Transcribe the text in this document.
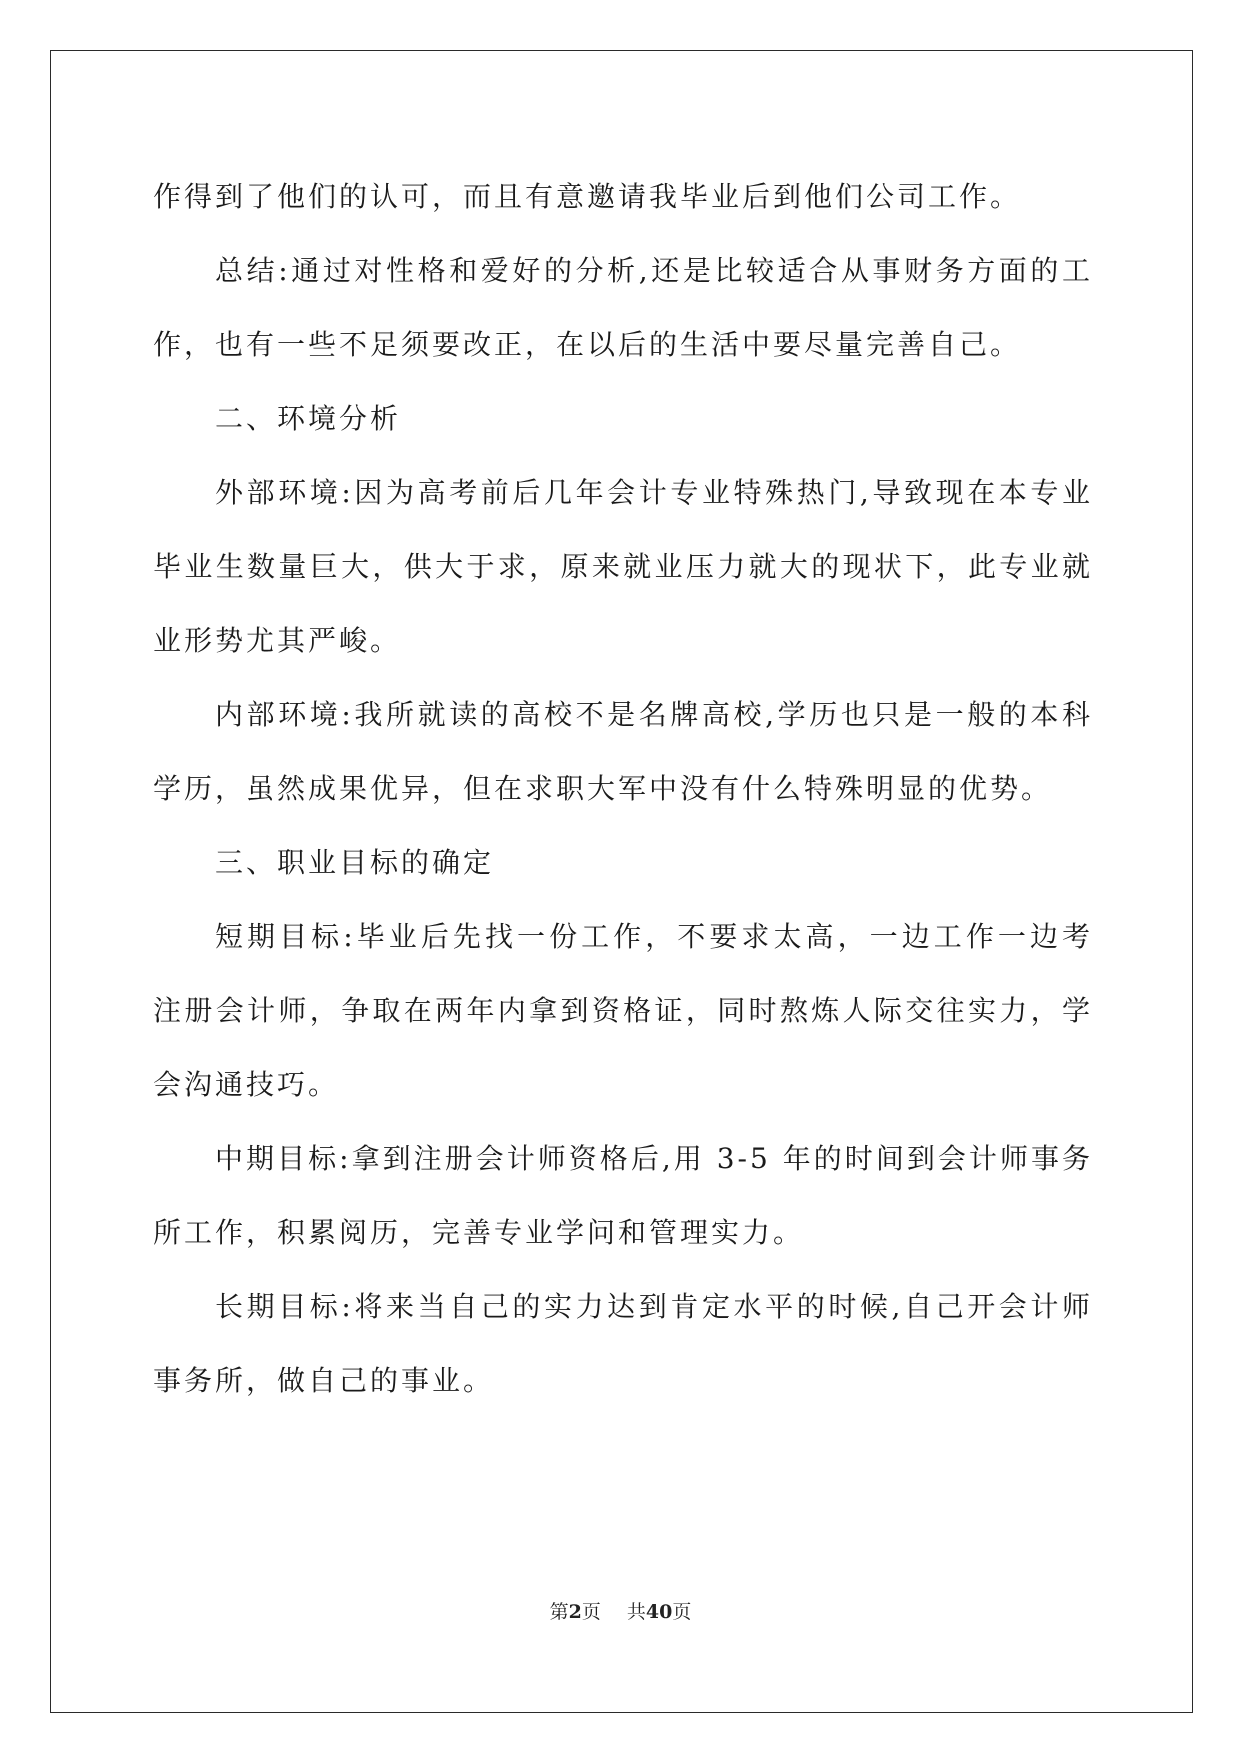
作得到了他们的认可，而且有意邀请我毕业后到他们公司工作。

总结:通过对性格和爱好的分析,还是比较适合从事财务方面的工作，也有一些不足须要改正，在以后的生活中要尽量完善自己。

二、环境分析

外部环境:因为高考前后几年会计专业特殊热门,导致现在本专业毕业生数量巨大，供大于求，原来就业压力就大的现状下，此专业就业形势尤其严峻。

内部环境:我所就读的高校不是名牌高校,学历也只是一般的本科学历，虽然成果优异，但在求职大军中没有什么特殊明显的优势。

三、职业目标的确定

短期目标:毕业后先找一份工作，不要求太高，一边工作一边考注册会计师，争取在两年内拿到资格证，同时熬炼人际交往实力，学会沟通技巧。

中期目标:拿到注册会计师资格后,用 3-5 年的时间到会计师事务所工作，积累阅历，完善专业学问和管理实力。

长期目标:将来当自己的实力达到肯定水平的时候,自己开会计师事务所，做自己的事业。

第2页 共40页
